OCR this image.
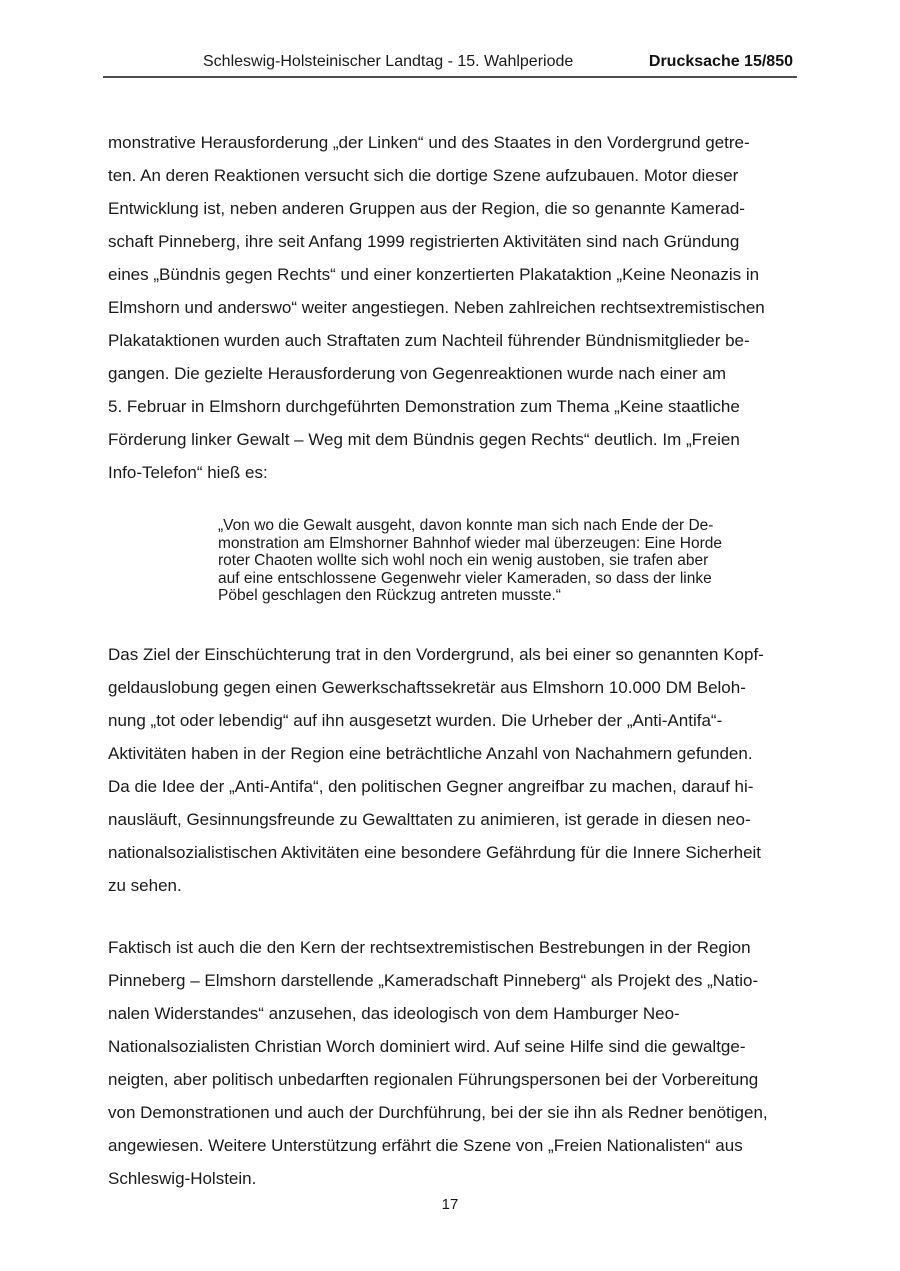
Schleswig-Holsteinischer Landtag - 15. Wahlperiode	Drucksache 15/850
monstrative Herausforderung „der Linken“ und des Staates in den Vordergrund getre-
ten. An deren Reaktionen versucht sich die dortige Szene aufzubauen. Motor dieser
Entwicklung ist, neben anderen Gruppen aus der Region, die so genannte Kamerad-
schaft Pinneberg, ihre seit Anfang 1999 registrierten Aktivitäten sind nach Gründung
eines „Bündnis gegen Rechts“ und einer konzertierten Plakataktion „Keine Neonazis in
Elmshorn und anderswo“ weiter angestiegen. Neben zahlreichen rechtsextremistischen
Plakataktionen wurden auch Straftaten zum Nachteil führender Bündnismitglieder be-
gangen. Die gezielte Herausforderung von Gegenreaktionen wurde nach einer am
5. Februar in Elmshorn durchgeführten Demonstration zum Thema „Keine staatliche
Förderung linker Gewalt – Weg mit dem Bündnis gegen Rechts“ deutlich. Im „Freien
Info-Telefon“ hieß es:
„Von wo die Gewalt ausgeht, davon konnte man sich nach Ende der De-
monstration am Elmshorner Bahnhof wieder mal überzeugen: Eine Horde
roter Chaoten wollte sich wohl noch ein wenig austoben, sie trafen aber
auf eine entschlossene Gegenwehr vieler Kameraden, so dass der linke
Pöbel geschlagen den Rückzug antreten musste.“
Das Ziel der Einschüchterung trat in den Vordergrund, als bei einer so genannten Kopf-
geldauslobung gegen einen Gewerkschaftssekretär aus Elmshorn 10.000 DM Beloh-
nung „tot oder lebendig“ auf ihn ausgesetzt wurden. Die Urheber der „Anti-Antifa“-
Aktivitäten haben in der Region eine beträchtliche Anzahl von Nachahmern gefunden.
Da die Idee der „Anti-Antifa“, den politischen Gegner angreifbar zu machen, darauf hi-
nausläuft, Gesinnungsfreunde zu Gewalttaten zu animieren, ist gerade in diesen neo-
nationalsozialistischen Aktivitäten eine besondere Gefährdung für die Innere Sicherheit
zu sehen.
Faktisch ist auch die den Kern der rechtsextremistischen Bestrebungen in der Region
Pinneberg – Elmshorn darstellende „Kameradschaft Pinneberg“ als Projekt des „Natio-
nalen Widerstandes“ anzusehen, das ideologisch von dem Hamburger Neo-
Nationalsozialisten Christian Worch dominiert wird. Auf seine Hilfe sind die gewaltge-
neigten, aber politisch unbedarften regionalen Führungspersonen bei der Vorbereitung
von Demonstrationen und auch der Durchführung, bei der sie ihn als Redner benötigen,
angewiesen. Weitere Unterstützung erfährt die Szene von „Freien Nationalisten“ aus
Schleswig-Holstein.
17
